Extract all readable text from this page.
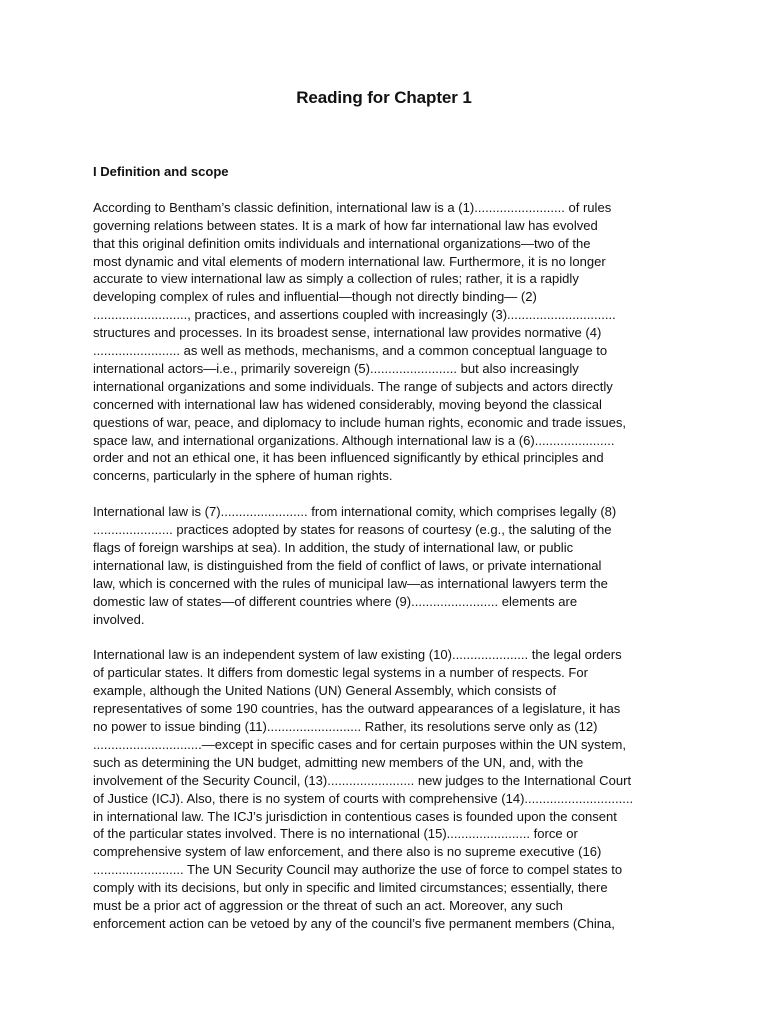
Reading for Chapter 1
I Definition and scope
According to Bentham’s classic definition, international law is a (1)......................... of rules
governing relations between states. It is a mark of how far international law has evolved
that this original definition omits individuals and international organizations—two of the
most dynamic and vital elements of modern international law. Furthermore, it is no longer
accurate to view international law as simply a collection of rules; rather, it is a rapidly
developing complex of rules and influential—though not directly binding— (2)
.........................., practices, and assertions coupled with increasingly (3)..............................
structures and processes. In its broadest sense, international law provides normative (4)
........................ as well as methods, mechanisms, and a common conceptual language to
international actors—i.e., primarily sovereign (5)........................ but also increasingly
international organizations and some individuals. The range of subjects and actors directly
concerned with international law has widened considerably, moving beyond the classical
questions of war, peace, and diplomacy to include human rights, economic and trade issues,
space law, and international organizations. Although international law is a (6)......................
order and not an ethical one, it has been influenced significantly by ethical principles and
concerns, particularly in the sphere of human rights.
International law is (7)........................ from international comity, which comprises legally (8)
...................... practices adopted by states for reasons of courtesy (e.g., the saluting of the
flags of foreign warships at sea). In addition, the study of international law, or public
international law, is distinguished from the field of conflict of laws, or private international
law, which is concerned with the rules of municipal law—as international lawyers term the
domestic law of states—of different countries where (9)........................ elements are
involved.
International law is an independent system of law existing (10)..................... the legal orders
of particular states. It differs from domestic legal systems in a number of respects. For
example, although the United Nations (UN) General Assembly, which consists of
representatives of some 190 countries, has the outward appearances of a legislature, it has
no power to issue binding (11).......................... Rather, its resolutions serve only as (12)
..............................—except in specific cases and for certain purposes within the UN system,
such as determining the UN budget, admitting new members of the UN, and, with the
involvement of the Security Council, (13)........................ new judges to the International Court
of Justice (ICJ). Also, there is no system of courts with comprehensive (14)..............................
in international law. The ICJ’s jurisdiction in contentious cases is founded upon the consent
of the particular states involved. There is no international (15)....................... force or
comprehensive system of law enforcement, and there also is no supreme executive (16)
......................... The UN Security Council may authorize the use of force to compel states to
comply with its decisions, but only in specific and limited circumstances; essentially, there
must be a prior act of aggression or the threat of such an act. Moreover, any such
enforcement action can be vetoed by any of the council’s five permanent members (China,
